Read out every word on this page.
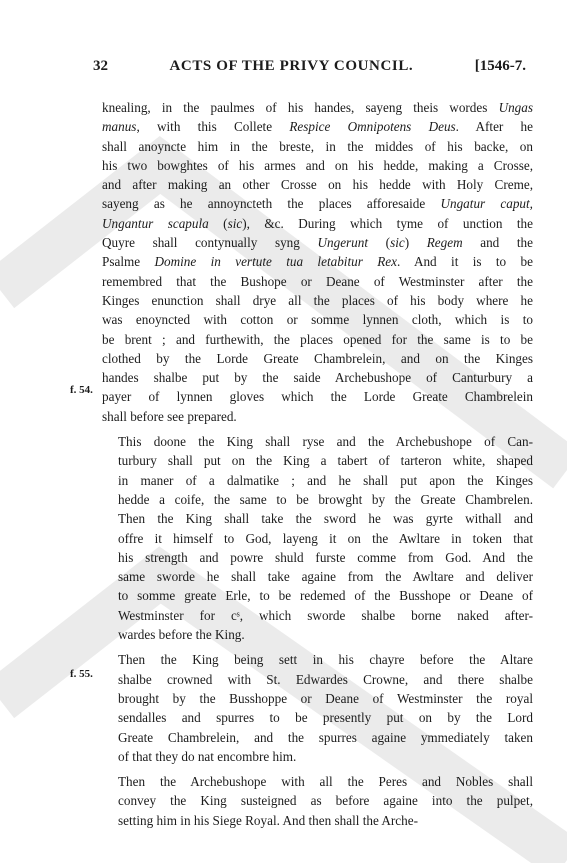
32	ACTS OF THE PRIVY COUNCIL.	[1546-7.
f. 54.
f. 55.

knealing, in the paulmes of his handes, sayeng theis wordes Ungas
manus, with this Collete Respice Omnipotens Deus. After he
shall anoyncte him in the breste, in the middes of his backe, on
his two bowghtes of his armes and on his hedde, making a Crosse,
and after making an other Crosse on his hedde with Holy Creme,
sayeng as he annoyncteth the places afforesaide Ungatur caput,
Ungantur scapula (sic), &c. During which tyme of unction the
Quyre shall contynually syng Ungerunt (sic) Regem and the
Psalme Domine in vertute tua letabitur Rex. And it is to be
remembred that the Bushope or Deane of Westminster after the
Kinges enunction shall drye all the places of his body where he
was enoyncted with cotton or somme lynnen cloth, which is to
be brent ; and furthewith, the places opened for the same is to be
clothed by the Lorde Greate Chambrelein, and on the Kinges
handes shalbe put by the saide Archebushope of Canturbury a
payer of lynnen gloves which the Lorde Greate Chambrelein
shall before see prepared.

This doone the King shall ryse and the Archebushope of Can-
turbury shall put on the King a tabert of tarteron white, shaped
in maner of a dalmatike ; and he shall put apon the Kinges
hedde a coife, the same to be browght by the Greate Chambrelen.
Then the King shall take the sword he was gyrte withall and
offre it himself to God, layeng it on the Awltare in token that
his strength and powre shuld furste comme from God. And the
same sworde he shall take againe from the Awltare and deliver
to somme greate Erle, to be redemed of the Busshope or Deane of
Westminster for cˢ, which sworde shalbe borne naked after-
wardes before the King.

Then the King being sett in his chayre before the Altare
shalbe crowned with St. Edwardes Crowne, and there shalbe
brought by the Busshoppe or Deane of Westminster the royal
sendalles and spurres to be presently put on by the Lord
Greate Chambrelein, and the spurres againe ymmediately taken
of that they do nat encombre him.

Then the Archebushope with all the Peres and Nobles shall
convey the King susteigned as before againe into the pulpet,
setting him in his Siege Royal. And then shall the Arche-
